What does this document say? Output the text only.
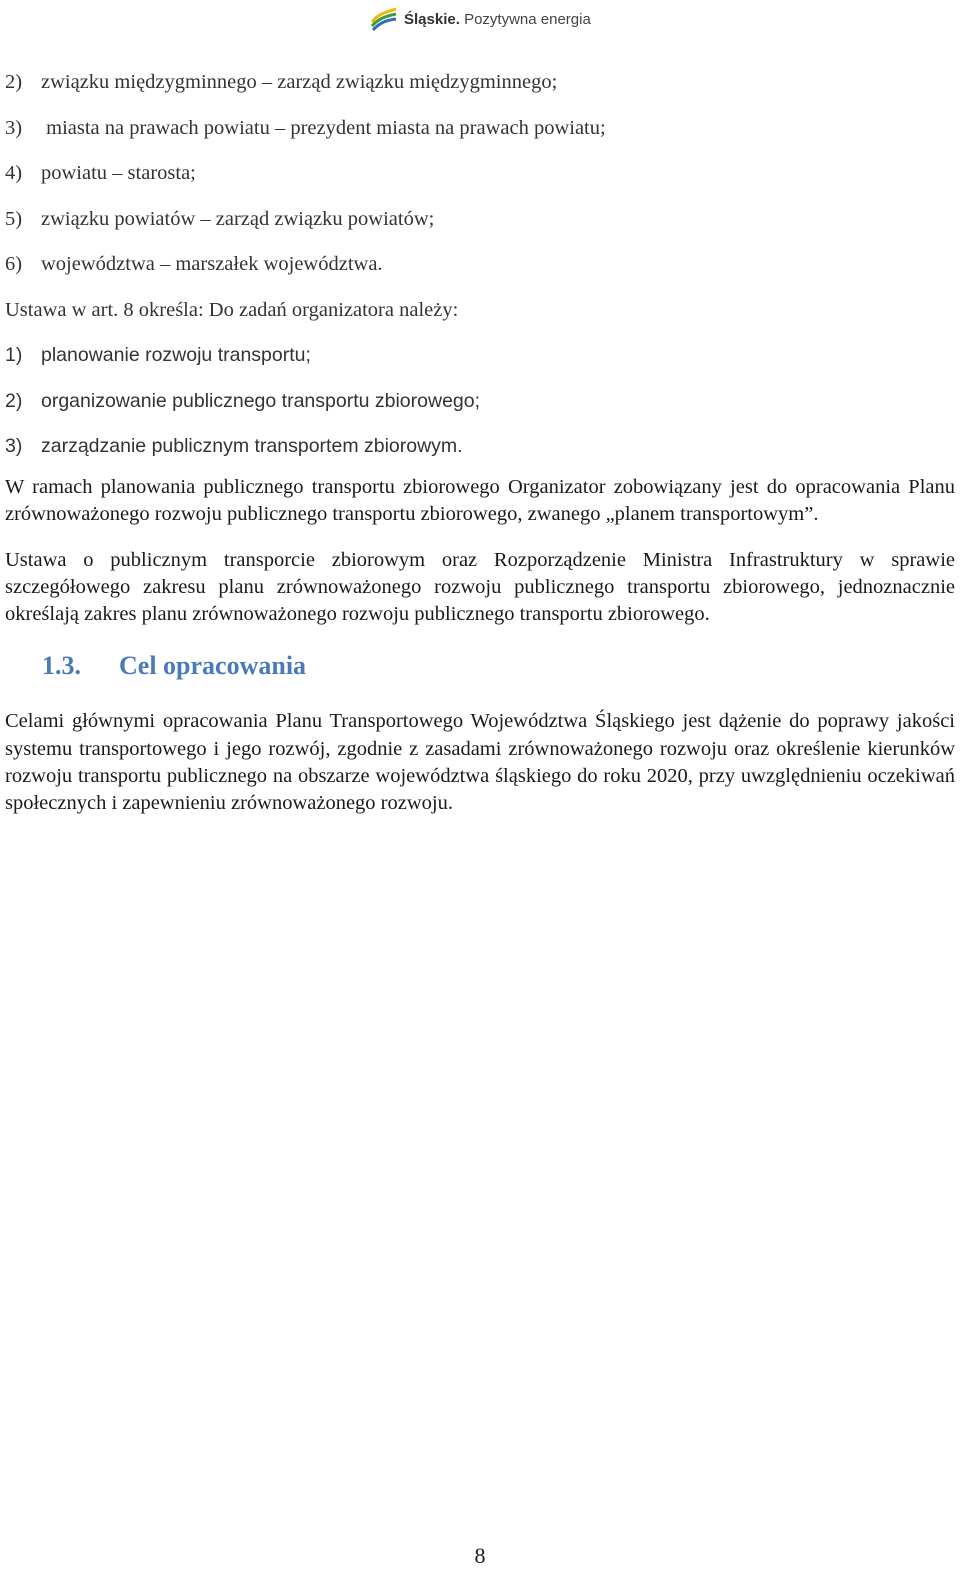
Śląskie. Pozytywna energia
2) związku międzygminnego – zarząd związku międzygminnego;
3) miasta na prawach powiatu – prezydent miasta na prawach powiatu;
4) powiatu – starosta;
5) związku powiatów – zarząd związku powiatów;
6) województwa – marszałek województwa.
Ustawa w art. 8 określa: Do zadań organizatora należy:
1) planowanie rozwoju transportu;
2) organizowanie publicznego transportu zbiorowego;
3) zarządzanie publicznym transportem zbiorowym.

W ramach planowania publicznego transportu zbiorowego Organizator zobowiązany jest do opracowania Planu zrównoważonego rozwoju publicznego transportu zbiorowego, zwanego „planem transportowym”.

Ustawa o publicznym transporcie zbiorowym oraz Rozporządzenie Ministra Infrastruktury w sprawie szczegółowego zakresu planu zrównoważonego rozwoju publicznego transportu zbiorowego, jednoznacznie określają zakres planu zrównoważonego rozwoju publicznego transportu zbiorowego.

1.3. Cel opracowania

Celami głównymi opracowania Planu Transportowego Województwa Śląskiego jest dążenie do poprawy jakości systemu transportowego i jego rozwój, zgodnie z zasadami zrównoważonego rozwoju oraz określenie kierunków rozwoju transportu publicznego na obszarze województwa śląskiego do roku 2020, przy uwzględnieniu oczekiwań społecznych i zapewnieniu zrównoważonego rozwoju.

8
